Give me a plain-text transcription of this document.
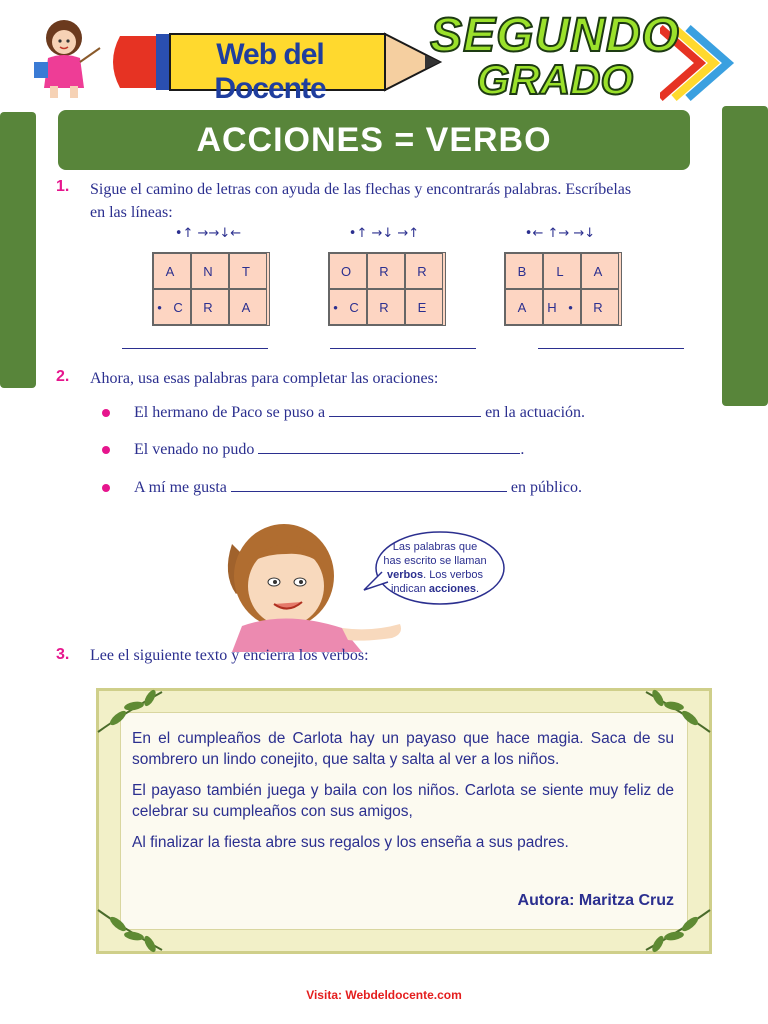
Web del Docente
SEGUNDO
GRADO
ACCIONES = VERBO
1. Sigue el camino de letras con ayuda de las flechas y encontrarás palabras. Escríbelas
en las líneas:
•↑ →→↓←
A	N	T
• C	R	A
•↑ →↓ →↑
O	R	R
• C	R	E
•← ↑→ →↓
B	L	A
A	H •	R
2. Ahora, usa esas palabras para completar las oraciones:
El hermano de Paco se puso a	en la actuación.
El venado no pudo	.
A mí me gusta	en público.
Las palabras que
has escrito se llaman
verbos. Los verbos
indican acciones.
3. Lee el siguiente texto y encierra los verbos:

En el cumpleaños de Carlota hay un payaso que hace magia. Saca de su sombrero un lindo conejito, que salta y salta al ver a los niños.

El payaso también juega y baila con los niños. Carlota se siente muy feliz de celebrar su cumpleaños con sus amigos,

Al finalizar la fiesta abre sus regalos y los enseña a sus padres.

Autora: Maritza Cruz
Visita: Webdeldocente.com
